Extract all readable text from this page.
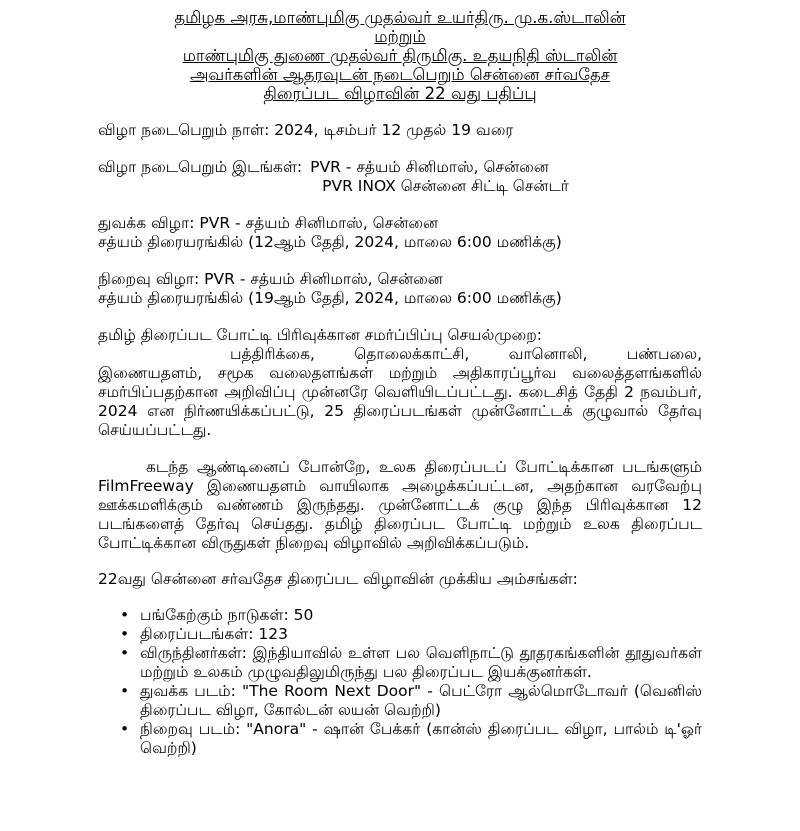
தமிழக அரசு,மாண்புமிகு முதல்வர் உயர்திரு. மு.க.ஸ்டாலின்
மற்றும்
மாண்புமிகு துணை முதல்வர் திருமிகு. உதயநிதி ஸ்டாலின்
அவர்களின் ஆதரவுடன் நடைபெறும் சென்னை சர்வதேச
திரைப்பட விழாவின் 22 வது பதிப்பு
விழா நடைபெறும் நாள்: 2024, டிசம்பர் 12 முதல் 19 வரை
விழா நடைபெறும் இடங்கள்: PVR - சத்யம் சினிமாஸ், சென்னை
PVR INOX சென்னை சிட்டி சென்டர்
துவக்க விழா: PVR - சத்யம் சினிமாஸ், சென்னை
சத்யம் திரையரங்கில் (12ஆம் தேதி, 2024, மாலை 6:00 மணிக்கு)
நிறைவு விழா: PVR - சத்யம் சினிமாஸ், சென்னை
சத்யம் திரையரங்கில் (19ஆம் தேதி, 2024, மாலை 6:00 மணிக்கு)
தமிழ் திரைப்பட போட்டி பிரிவுக்கான சமர்ப்பிப்பு செயல்முறை:

பத்திரிக்கை, தொலைக்காட்சி, வானொலி, பண்பலை, இணையதளம், சமூக வலைதளங்கள் மற்றும் அதிகாரப்பூர்வ வலைத்தளங்களில் சமர்பிப்பதற்கான அறிவிப்பு முன்னரே வெளியிடப்பட்டது. கடைசித் தேதி 2 நவம்பர், 2024 என நிர்ணயிக்கப்பட்டு, 25 திரைப்படங்கள் முன்னோட்டக் குழுவால் தேர்வு செய்யப்பட்டது.

கடந்த ஆண்டினைப் போன்றே, உலக திரைப்படப் போட்டிக்கான படங்களும் FilmFreeway இணையதளம் வாயிலாக அழைக்கப்பட்டன, அதற்கான வரவேற்பு ஊக்கமளிக்கும் வண்ணம் இருந்தது. முன்னோட்டக் குழு இந்த பிரிவுக்கான 12 படங்களைத் தேர்வு செய்தது. தமிழ் திரைப்பட போட்டி மற்றும் உலக திரைப்பட போட்டிக்கான விருதுகள் நிறைவு விழாவில் அறிவிக்கப்படும்.

22வது சென்னை சர்வதேச திரைப்பட விழாவின் முக்கிய அம்சங்கள்:
• பங்கேற்கும் நாடுகள்: 50
• திரைப்படங்கள்: 123
• விருந்தினர்கள்: இந்தியாவில் உள்ள பல வெளிநாட்டு தூதரகங்களின் தூதுவர்கள் மற்றும் உலகம் முழுவதிலுமிருந்து பல திரைப்பட இயக்குனர்கள்.
• துவக்க படம்: "The Room Next Door" - பெட்ரோ ஆல்மொடோவர் (வெனிஸ் திரைப்பட விழா, கோல்டன் லயன் வெற்றி)
• நிறைவு படம்: "Anora" - ஷான் பேக்கர் (கான்ஸ் திரைப்பட விழா, பால்ம் டி'ஓர் வெற்றி)
